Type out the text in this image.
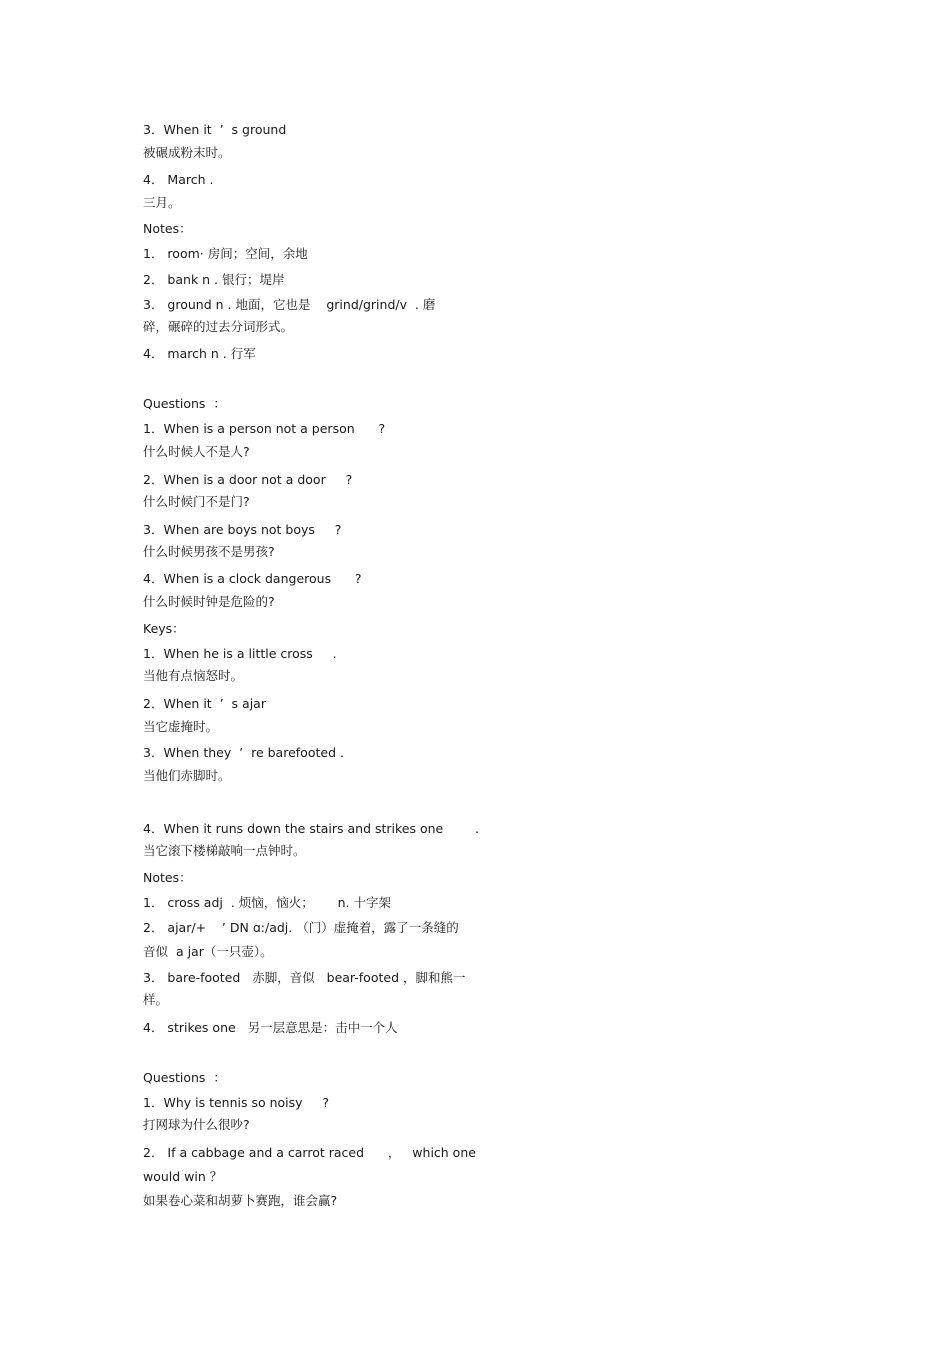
3．When it  ’  s ground
被碾成粉末时。
4． March .
三月。
Notes：
1． room· 房间；空间，余地
2． bank n . 银行；堤岸
3． ground n . 地面，它也是    grind/grind/v  . 磨
碎，碾碎的过去分词形式。
4． march n . 行军
Questions  ：
1．When is a person not a person      ?
什么时候人不是人?
2．When is a door not a door     ?
什么时候门不是门?
3．When are boys not boys     ?
什么时候男孩不是男孩?
4．When is a clock dangerous      ?
什么时候时钟是危险的?
Keys：
1．When he is a little cross     .
当他有点恼怒时。
2．When it  ’  s ajar
当它虚掩时。
3．When they  ’  re barefooted .
当他们赤脚时。
4．When it runs down the stairs and strikes one        .
当它滚下楼梯敲响一点钟时。
Notes：
1． cross adj  . 烦恼，恼火；      n. 十字架
2． ajar/+    ’ DN ɑ:/adj. （门）虚掩着，露了一条缝的
音似  a jar（一只壶）。
3． bare-footed   赤脚，音似   bear-footed ，脚和熊一
样。
4． strikes one   另一层意思是：击中一个人
Questions  ：
1．Why is tennis so noisy     ?
打网球为什么很吵?
2． If a cabbage and a carrot raced      ，   which one
would win ？
如果卷心菜和胡萝卜赛跑，谁会赢?
